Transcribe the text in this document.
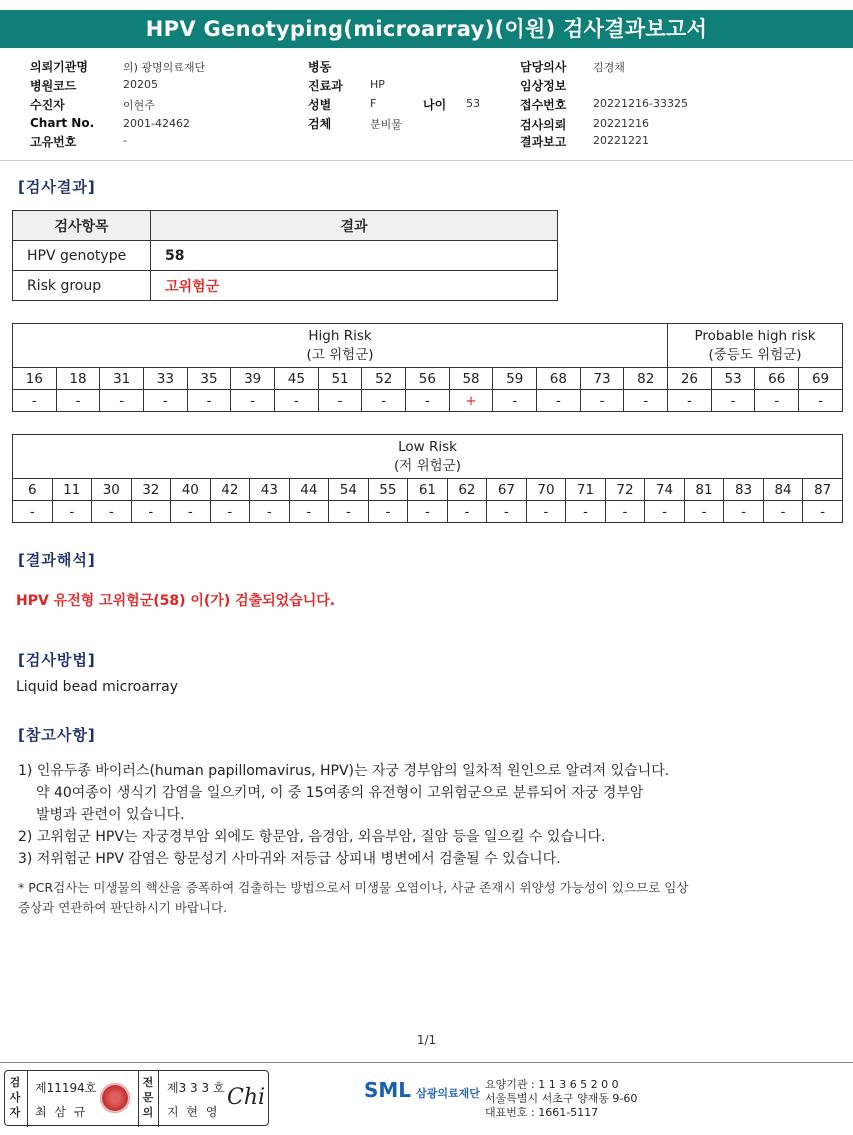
HPV Genotyping(microarray)(이원) 검사결과보고서
의뢰기관명	의) 광명의료재단
병원코드	20205
수진자	이현주
Chart No.	2001-42462
고유번호	-
병동
진료과 HP
성별	F	나이 53
검체	분비물
담당의사 김경채
임상정보
접수번호 20221216-33325
검사의뢰 20221216
결과보고 20221221
[검사결과]
검사항목	결과
HPV genotype	58
Risk group	고위험군
High Risk
(고 위험군)															Probable high risk
(중등도 위험군)			
16	18	31	33	35	39	45	51	52	56	58	59	68	73	82	26	53	66	69
-	-	-	-	-	-	-	-	-	-	+	-	-	-	-	-	-	-	-
Low Risk
(저 위험군)																				
6	11	30	32	40	42	43	44	54	55	61	62	67	70	71	72	74	81	83	84	87
-	-	-	-	-	-	-	-	-	-	-	-	-	-	-	-	-	-	-	-	-
[결과해석]
HPV 유전형 고위험군(58) 이(가) 검출되었습니다.
[검사방법]
Liquid bead microarray
[참고사항]
1) 인유두종 바이러스(human papillomavirus, HPV)는 자궁 경부암의 일차적 원인으로 알려져 있습니다.
약 40여종이 생식기 감염을 일으키며, 이 중 15여종의 유전형이 고위험군으로 분류되어 자궁 경부암
발병과 관련이 있습니다.
2) 고위험군 HPV는 자궁경부암 외에도 항문암, 음경암, 외음부암, 질암 등을 일으킬 수 있습니다.
3) 저위험군 HPV 감염은 항문성기 사마귀와 저등급 상피내 병변에서 검출될 수 있습니다.
* PCR검사는 미생물의 핵산을 증폭하여 검출하는 방법으로서 미생물 오염이나, 사균 존재시 위양성 가능성이 있으므로 임상
증상과 연관하여 판단하시기 바랍니다.
1/1
검
사
자
제11194호
최 삼 규
전
문
의
제3 3 3 호
지 현 영
Chi	SML 삼광의료재단
요양기관 : 1 1 3 6 5 2 0 0
서울특별시 서초구 양재동 9-60
대표번호 : 1661-5117
